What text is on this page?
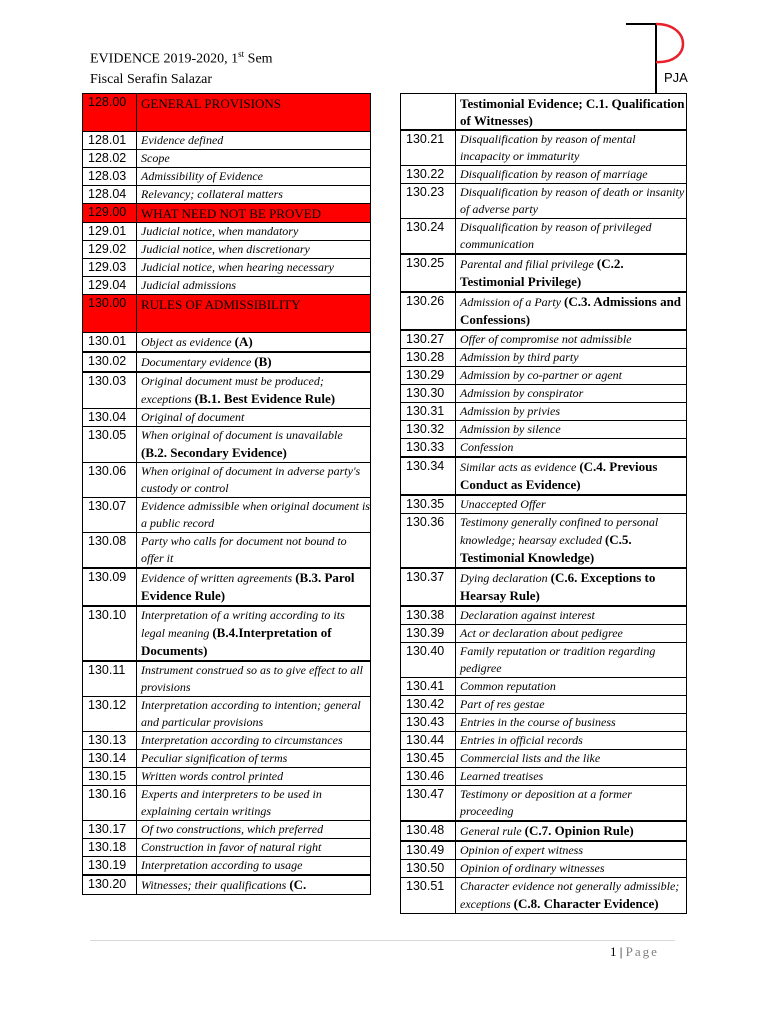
EVIDENCE 2019-2020, 1st Sem
Fiscal Serafin Salazar	PJA
128.00	GENERAL PROVISIONS
128.01	Evidence defined
128.02	Scope
128.03	Admissibility of Evidence
128.04	Relevancy; collateral matters
129.00	WHAT NEED NOT BE PROVED
129.01	Judicial notice, when mandatory
129.02	Judicial notice, when discretionary
129.03	Judicial notice, when hearing necessary
129.04	Judicial admissions
130.00	RULES OF ADMISSIBILITY
130.01	Object as evidence (A)
130.02	Documentary evidence (B)
130.03	Original document must be produced; exceptions (B.1. Best Evidence Rule)
130.04	Original of document
130.05	When original of document is unavailable (B.2. Secondary Evidence)
130.06	When original of document in adverse party's custody or control
130.07	Evidence admissible when original document is a public record
130.08	Party who calls for document not bound to offer it
130.09	Evidence of written agreements (B.3. Parol Evidence Rule)
130.10	Interpretation of a writing according to its legal meaning (B.4.Interpretation of Documents)
130.11	Instrument construed so as to give effect to all provisions
130.12	Interpretation according to intention; general and particular provisions
130.13	Interpretation according to circumstances
130.14	Peculiar signification of terms
130.15	Written words control printed
130.16	Experts and interpreters to be used in explaining certain writings
130.17	Of two constructions, which preferred
130.18	Construction in favor of natural right
130.19	Interpretation according to usage
130.20	Witnesses; their qualifications (C.
	Testimonial Evidence; C.1. Qualification of Witnesses)
130.21	Disqualification by reason of mental incapacity or immaturity
130.22	Disqualification by reason of marriage
130.23	Disqualification by reason of death or insanity of adverse party
130.24	Disqualification by reason of privileged communication
130.25	Parental and filial privilege (C.2. Testimonial Privilege)
130.26	Admission of a Party (C.3. Admissions and Confessions)
130.27	Offer of compromise not admissible
130.28	Admission by third party
130.29	Admission by co-partner or agent
130.30	Admission by conspirator
130.31	Admission by privies
130.32	Admission by silence
130.33	Confession
130.34	Similar acts as evidence (C.4. Previous Conduct as Evidence)
130.35	Unaccepted Offer
130.36	Testimony generally confined to personal knowledge; hearsay excluded (C.5. Testimonial Knowledge)
130.37	Dying declaration (C.6. Exceptions to Hearsay Rule)
130.38	Declaration against interest
130.39	Act or declaration about pedigree
130.40	Family reputation or tradition regarding pedigree
130.41	Common reputation
130.42	Part of res gestae
130.43	Entries in the course of business
130.44	Entries in official records
130.45	Commercial lists and the like
130.46	Learned treatises
130.47	Testimony or deposition at a former proceeding
130.48	General rule (C.7. Opinion Rule)
130.49	Opinion of expert witness
130.50	Opinion of ordinary witnesses
130.51	Character evidence not generally admissible; exceptions (C.8. Character Evidence)
1 | Page
